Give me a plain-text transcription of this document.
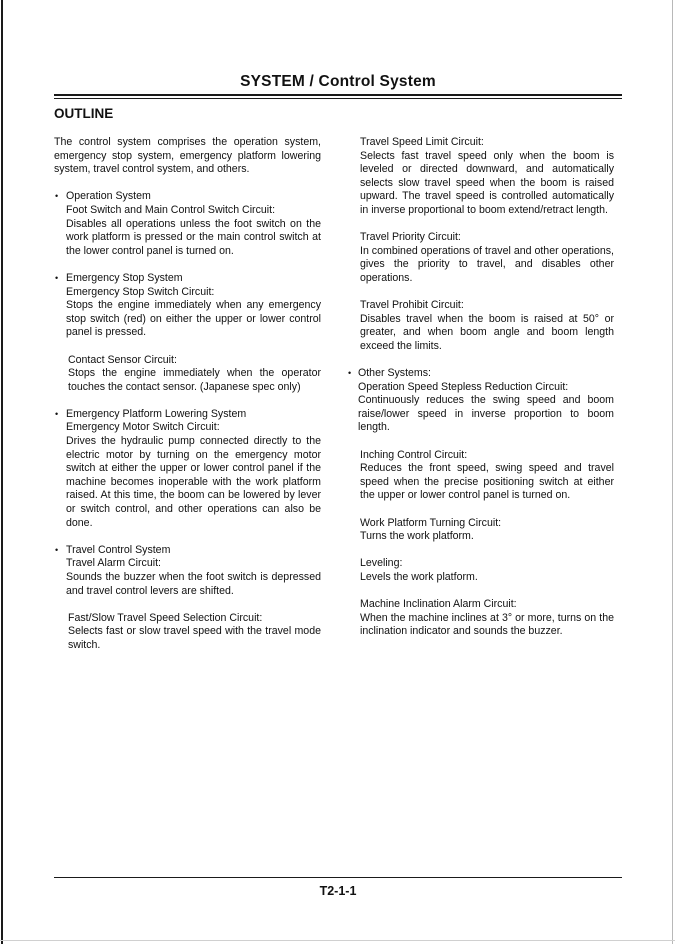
SYSTEM / Control System
OUTLINE

The control system comprises the operation system, emergency stop system, emergency platform lowering system, travel control system, and others.

• Operation System
Foot Switch and Main Control Switch Circuit:
Disables all operations unless the foot switch on the work platform is pressed or the main control switch at the lower control panel is turned on.
• Emergency Stop System
Emergency Stop Switch Circuit:
Stops the engine immediately when any emergency stop switch (red) on either the upper or lower control panel is pressed.
Contact Sensor Circuit:
Stops the engine immediately when the operator touches the contact sensor. (Japanese spec only)
• Emergency Platform Lowering System
Emergency Motor Switch Circuit:
Drives the hydraulic pump connected directly to the electric motor by turning on the emergency motor switch at either the upper or lower control panel if the machine becomes inoperable with the work platform raised. At this time, the boom can be lowered by lever or switch control, and other operations can also be done.
• Travel Control System
Travel Alarm Circuit:
Sounds the buzzer when the foot switch is depressed and travel control levers are shifted.
Fast/Slow Travel Speed Selection Circuit:
Selects fast or slow travel speed with the travel mode switch.
Travel Speed Limit Circuit:
Selects fast travel speed only when the boom is leveled or directed downward, and automatically selects slow travel speed when the boom is raised upward. The travel speed is controlled automatically in inverse proportional to boom extend/retract length.
Travel Priority Circuit:
In combined operations of travel and other operations, gives the priority to travel, and disables other operations.
Travel Prohibit Circuit:
Disables travel when the boom is raised at 50° or greater, and when boom angle and boom length exceed the limits.
• Other Systems:
Operation Speed Stepless Reduction Circuit:
Continuously reduces the swing speed and boom raise/lower speed in inverse proportion to boom length.
Inching Control Circuit:
Reduces the front speed, swing speed and travel speed when the precise positioning switch at either the upper or lower control panel is turned on.
Work Platform Turning Circuit:
Turns the work platform.
Leveling:
Levels the work platform.
Machine Inclination Alarm Circuit:
When the machine inclines at 3° or more, turns on the inclination indicator and sounds the buzzer.
T2-1-1
